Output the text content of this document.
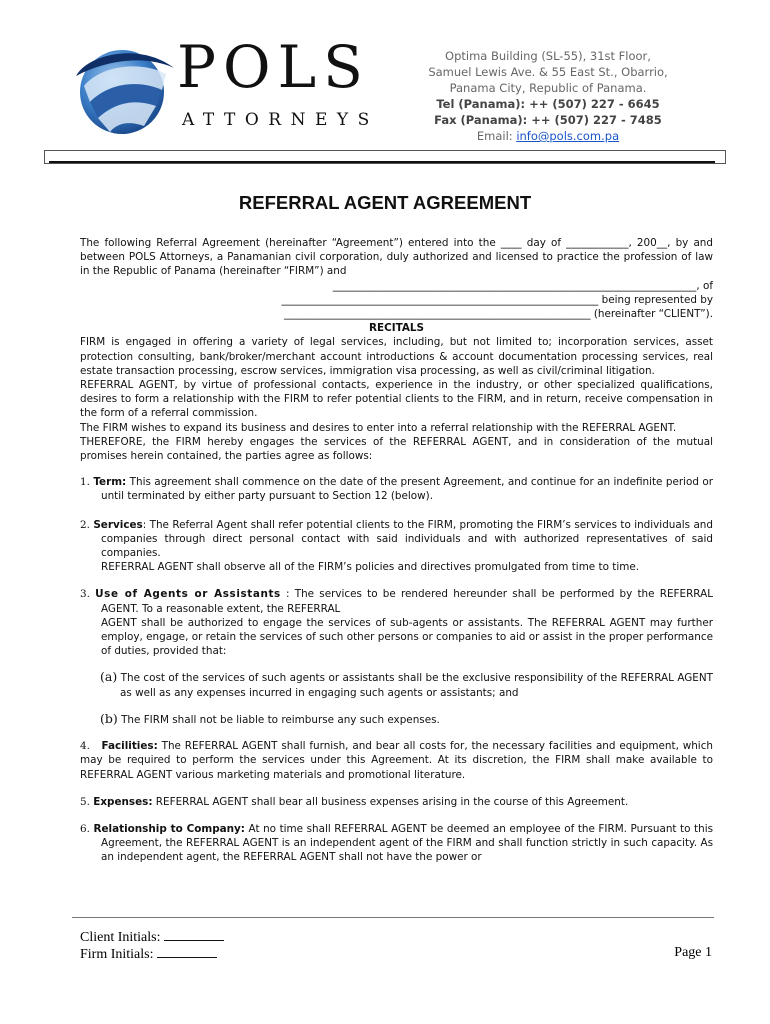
POLS
ATTORNEYS
Optima Building (SL-55), 31st Floor,
Samuel Lewis Ave. & 55 East St., Obarrio,
Panama City, Republic of Panama.
Tel (Panama): ++ (507) 227 - 6645
Fax (Panama): ++ (507) 227 - 7485
Email: info@pols.com.pa
REFERRAL AGENT AGREEMENT

The following Referral Agreement (hereinafter “Agreement”) entered into the ____ day of ____________, 200__, by and between POLS Attorneys, a Panamanian civil corporation, duly authorized and licensed to practice the profession of law in the Republic of Panama (hereinafter “FIRM”) and

______________________________________________________________________, of

_____________________________________________________________ being represented by

___________________________________________________________ (hereinafter “CLIENT”).

RECITALS

FIRM is engaged in offering a variety of legal services, including, but not limited to; incorporation services, asset protection consulting, bank/broker/merchant account introductions & account documentation processing services, real estate transaction processing, escrow services, immigration visa processing, as well as civil/criminal litigation.

REFERRAL AGENT, by virtue of professional contacts, experience in the industry, or other specialized qualifications, desires to form a relationship with the FIRM to refer potential clients to the FIRM, and in return, receive compensation in the form of a referral commission.

The FIRM wishes to expand its business and desires to enter into a referral relationship with the REFERRAL AGENT.

THEREFORE, the FIRM hereby engages the services of the REFERRAL AGENT, and in consideration of the mutual promises herein contained, the parties agree as follows:

1. Term: This agreement shall commence on the date of the present Agreement, and continue for an indefinite period or until terminated by either party pursuant to Section 12 (below).

2. Services: The Referral Agent shall refer potential clients to the FIRM, promoting the FIRM’s services to individuals and companies through direct personal contact with said individuals and with authorized representatives of said companies.

REFERRAL AGENT shall observe all of the FIRM’s policies and directives promulgated from time to time.

3. Use of Agents or Assistants : The services to be rendered hereunder shall be performed by the REFERRAL AGENT. To a reasonable extent, the REFERRAL

AGENT shall be authorized to engage the services of sub-agents or assistants. The REFERRAL AGENT may further employ, engage, or retain the services of such other persons or companies to aid or assist in the proper performance of duties, provided that:

(a) The cost of the services of such agents or assistants shall be the exclusive responsibility of the REFERRAL AGENT as well as any expenses incurred in engaging such agents or assistants; and

(b) The FIRM shall not be liable to reimburse any such expenses.

4. Facilities: The REFERRAL AGENT shall furnish, and bear all costs for, the necessary facilities and equipment, which may be required to perform the services under this Agreement. At its discretion, the FIRM shall make available to REFERRAL AGENT various marketing materials and promotional literature.

5. Expenses: REFERRAL AGENT shall bear all business expenses arising in the course of this Agreement.

6. Relationship to Company: At no time shall REFERRAL AGENT be deemed an employee of the FIRM. Pursuant to this Agreement, the REFERRAL AGENT is an independent agent of the FIRM and shall function strictly in such capacity. As an independent agent, the REFERRAL AGENT shall not have the power or

Client Initials:
Firm Initials:	Page 1
